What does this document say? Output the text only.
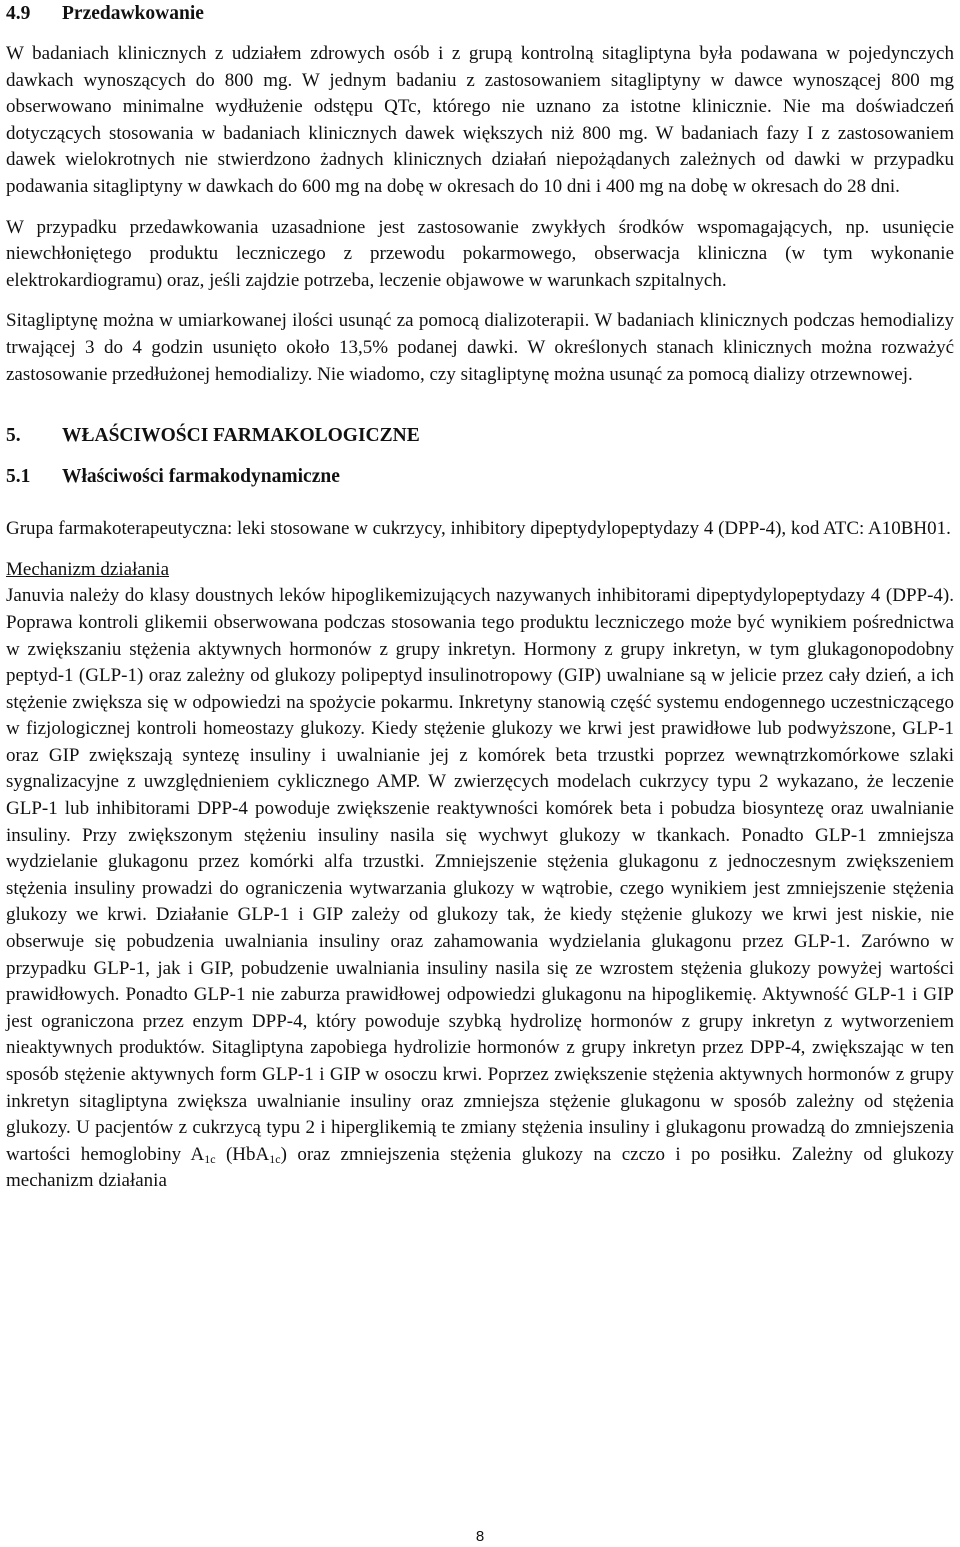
4.9 Przedawkowanie

W badaniach klinicznych z udziałem zdrowych osób i z grupą kontrolną sitagliptyna była podawana w pojedynczych dawkach wynoszących do 800 mg. W jednym badaniu z zastosowaniem sitagliptyny w dawce wynoszącej 800 mg obserwowano minimalne wydłużenie odstępu QTc, którego nie uznano za istotne klinicznie. Nie ma doświadczeń dotyczących stosowania w badaniach klinicznych dawek większych niż 800 mg. W badaniach fazy I z zastosowaniem dawek wielokrotnych nie stwierdzono żadnych klinicznych działań niepożądanych zależnych od dawki w przypadku podawania sitagliptyny w dawkach do 600 mg na dobę w okresach do 10 dni i 400 mg na dobę w okresach do 28 dni.

W przypadku przedawkowania uzasadnione jest zastosowanie zwykłych środków wspomagających, np. usunięcie niewchłoniętego produktu leczniczego z przewodu pokarmowego, obserwacja kliniczna (w tym wykonanie elektrokardiogramu) oraz, jeśli zajdzie potrzeba, leczenie objawowe w warunkach szpitalnych.

Sitagliptynę można w umiarkowanej ilości usunąć za pomocą dializoterapii. W badaniach klinicznych podczas hemodializy trwającej 3 do 4 godzin usunięto około 13,5% podanej dawki. W określonych stanach klinicznych można rozważyć zastosowanie przedłużonej hemodializy. Nie wiadomo, czy sitagliptynę można usunąć za pomocą dializy otrzewnowej.

5. WŁAŚCIWOŚCI FARMAKOLOGICZNE
5.1 Właściwości farmakodynamiczne

Grupa farmakoterapeutyczna: leki stosowane w cukrzycy, inhibitory dipeptydylopeptydazy 4 (DPP-4), kod ATC: A10BH01.

Mechanizm działania

Januvia należy do klasy doustnych leków hipoglikemizujących nazywanych inhibitorami dipeptydylopeptydazy 4 (DPP-4). Poprawa kontroli glikemii obserwowana podczas stosowania tego produktu leczniczego może być wynikiem pośrednictwa w zwiększaniu stężenia aktywnych hormonów z grupy inkretyn. Hormony z grupy inkretyn, w tym glukagonopodobny peptyd-1 (GLP-1) oraz zależny od glukozy polipeptyd insulinotropowy (GIP) uwalniane są w jelicie przez cały dzień, a ich stężenie zwiększa się w odpowiedzi na spożycie pokarmu. Inkretyny stanowią część systemu endogennego uczestniczącego w fizjologicznej kontroli homeostazy glukozy. Kiedy stężenie glukozy we krwi jest prawidłowe lub podwyższone, GLP-1 oraz GIP zwiększają syntezę insuliny i uwalnianie jej z komórek beta trzustki poprzez wewnątrzkomórkowe szlaki sygnalizacyjne z uwzględnieniem cyklicznego AMP. W zwierzęcych modelach cukrzycy typu 2 wykazano, że leczenie GLP-1 lub inhibitorami DPP-4 powoduje zwiększenie reaktywności komórek beta i pobudza biosyntezę oraz uwalnianie insuliny. Przy zwiększonym stężeniu insuliny nasila się wychwyt glukozy w tkankach. Ponadto GLP-1 zmniejsza wydzielanie glukagonu przez komórki alfa trzustki. Zmniejszenie stężenia glukagonu z jednoczesnym zwiększeniem stężenia insuliny prowadzi do ograniczenia wytwarzania glukozy w wątrobie, czego wynikiem jest zmniejszenie stężenia glukozy we krwi. Działanie GLP-1 i GIP zależy od glukozy tak, że kiedy stężenie glukozy we krwi jest niskie, nie obserwuje się pobudzenia uwalniania insuliny oraz zahamowania wydzielania glukagonu przez GLP-1. Zarówno w przypadku GLP-1, jak i GIP, pobudzenie uwalniania insuliny nasila się ze wzrostem stężenia glukozy powyżej wartości prawidłowych. Ponadto GLP-1 nie zaburza prawidłowej odpowiedzi glukagonu na hipoglikemię. Aktywność GLP-1 i GIP jest ograniczona przez enzym DPP-4, który powoduje szybką hydrolizę hormonów z grupy inkretyn z wytworzeniem nieaktywnych produktów. Sitagliptyna zapobiega hydrolizie hormonów z grupy inkretyn przez DPP-4, zwiększając w ten sposób stężenie aktywnych form GLP-1 i GIP w osoczu krwi. Poprzez zwiększenie stężenia aktywnych hormonów z grupy inkretyn sitagliptyna zwiększa uwalnianie insuliny oraz zmniejsza stężenie glukagonu w sposób zależny od stężenia glukozy. U pacjentów z cukrzycą typu 2 i hiperglikemią te zmiany stężenia insuliny i glukagonu prowadzą do zmniejszenia wartości hemoglobiny $A_{1c}$ (HbA$_{1c}$) oraz zmniejszenia stężenia glukozy na czczo i po posiłku. Zależny od glukozy mechanizm działania

8
